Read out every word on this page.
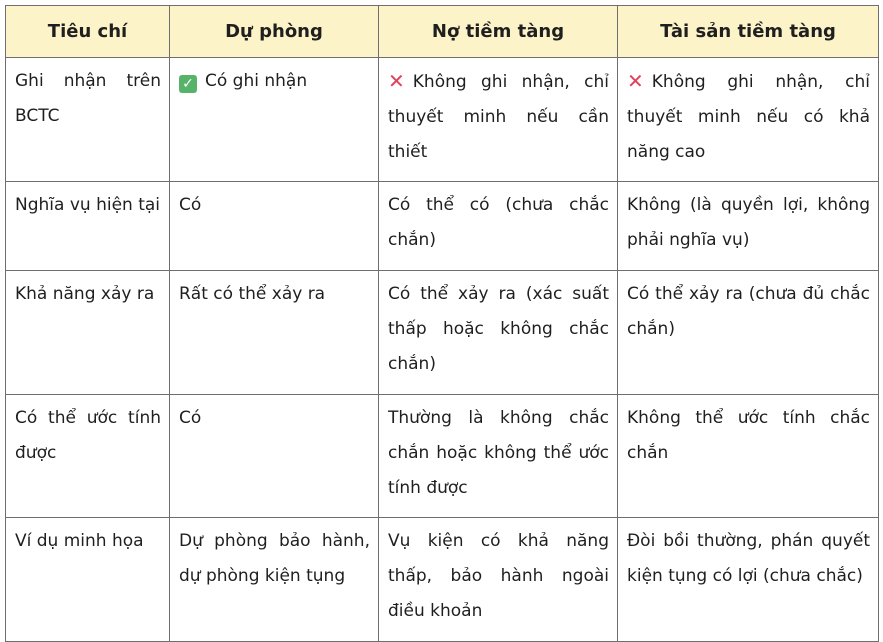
Tiêu chí	Dự phòng	Nợ tiềm tàng	Tài sản tiềm tàng
Ghi nhận trên BCTC	✓ Có ghi nhận	✕ Không ghi nhận, chỉ thuyết minh nếu cần thiết	✕ Không ghi nhận, chỉ thuyết minh nếu có khả năng cao
Nghĩa vụ hiện tại	Có	Có thể có (chưa chắc chắn)	Không (là quyền lợi, không phải nghĩa vụ)
Khả năng xảy ra	Rất có thể xảy ra	Có thể xảy ra (xác suất thấp hoặc không chắc chắn)	Có thể xảy ra (chưa đủ chắc chắn)
Có thể ước tính được	Có	Thường là không chắc chắn hoặc không thể ước tính được	Không thể ước tính chắc chắn
Ví dụ minh họa	Dự phòng bảo hành, dự phòng kiện tụng	Vụ kiện có khả năng thấp, bảo hành ngoài điều khoản	Đòi bồi thường, phán quyết kiện tụng có lợi (chưa chắc)
